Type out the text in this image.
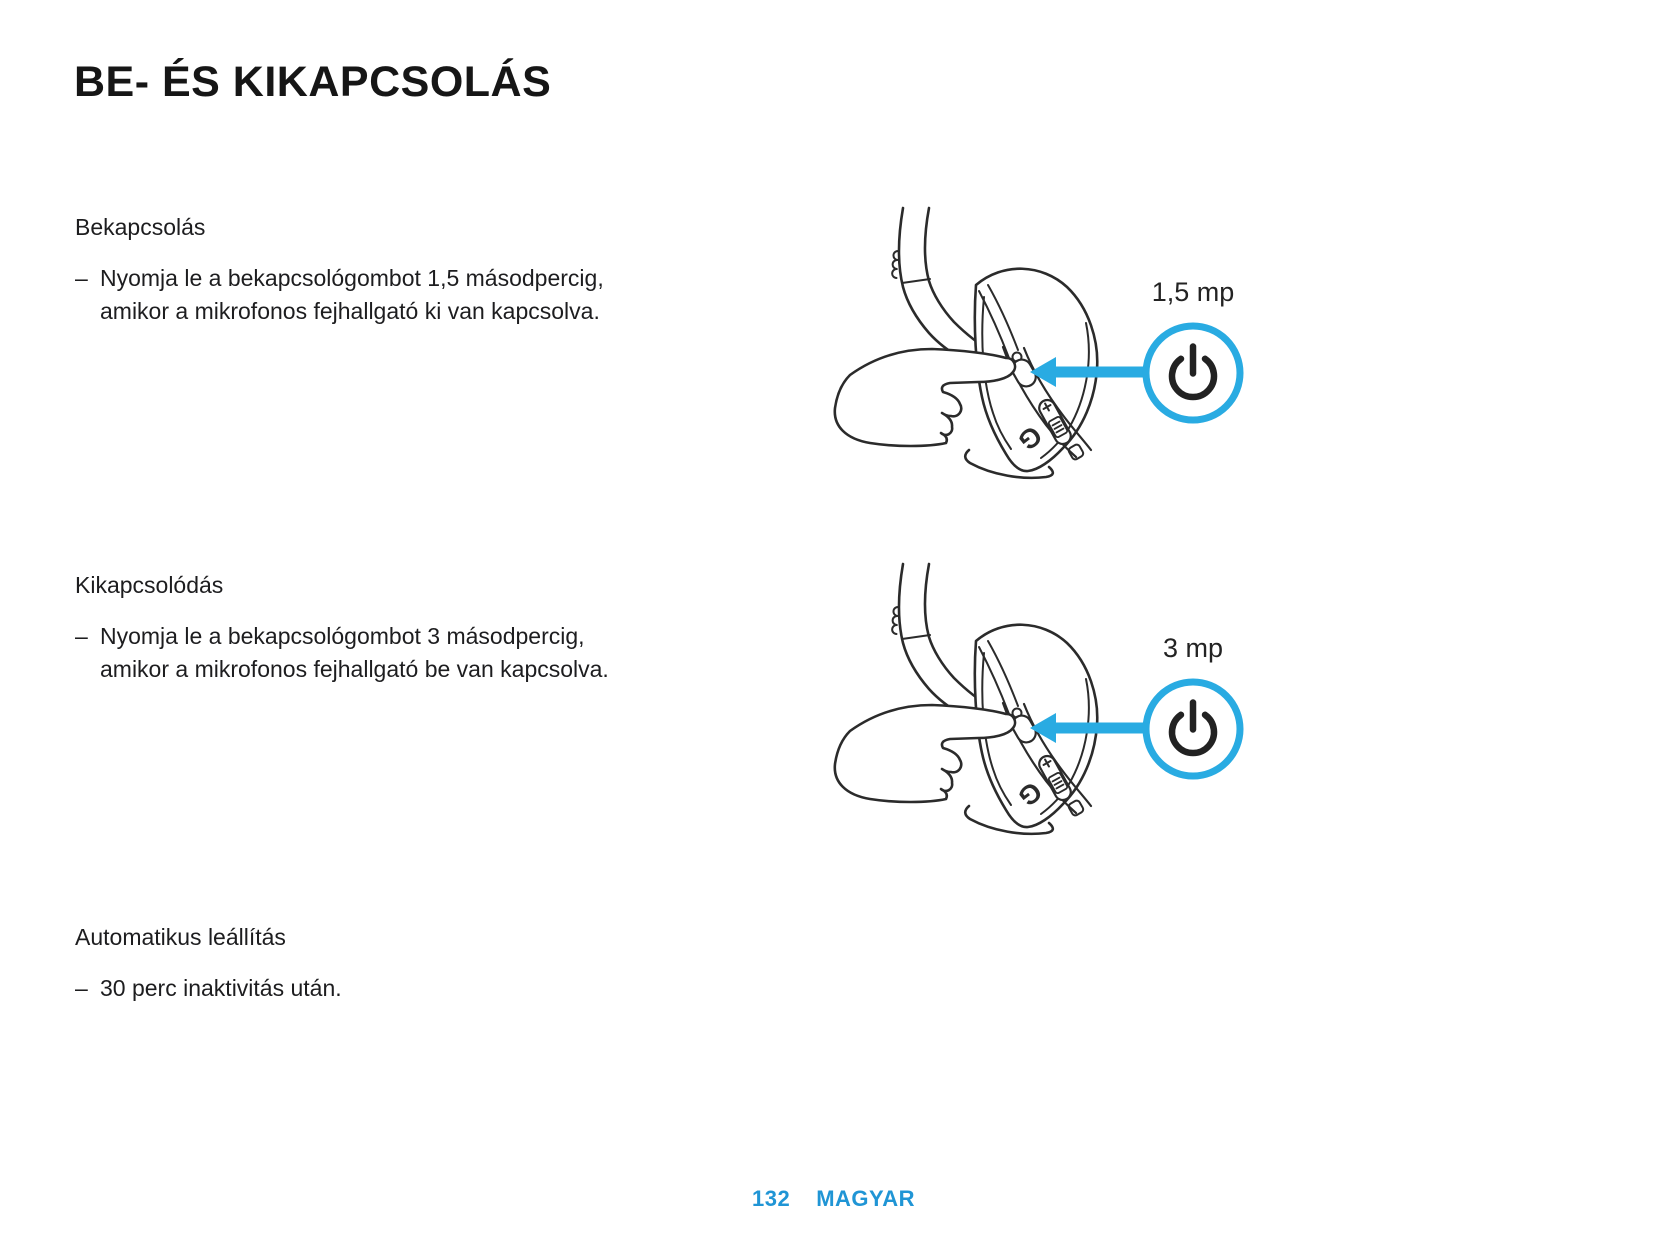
BE- ÉS KIKAPCSOLÁS
Bekapcsolás
– Nyomja le a bekapcsológombot 1,5 másodpercig, amikor a mikrofonos fejhallgató ki van kapcsolva.
Kikapcsolódás
– Nyomja le a bekapcsológombot 3 másodpercig, amikor a mikrofonos fejhallgató be van kapcsolva.
Automatikus leállítás
– 30 perc inaktivitás után.
1,5 mp
3 mp
132 MAGYAR
